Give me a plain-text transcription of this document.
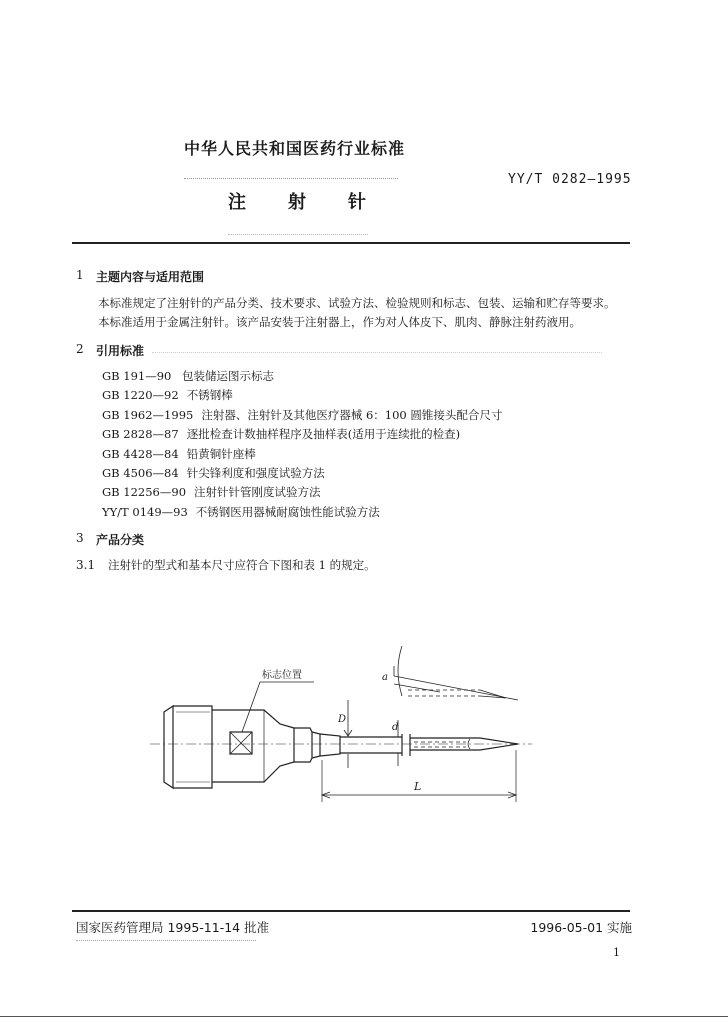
中华人民共和国医药行业标准
YY/T 0282—1995
注射针
1 主题内容与适用范围
本标准规定了注射针的产品分类、技术要求、试验方法、检验规则和标志、包装、运输和贮存等要求。
本标准适用于金属注射针。该产品安装于注射器上，作为对人体皮下、肌肉、静脉注射药液用。
2 引用标准
GB 191—90 包装储运图示标志
GB 1220—92 不锈钢棒
GB 1962—1995 注射器、注射针及其他医疗器械 6：100 圆锥接头配合尺寸
GB 2828—87 逐批检查计数抽样程序及抽样表(适用于连续批的检查)
GB 4428—84 铅黄铜针座棒
GB 4506—84 针尖锋利度和强度试验方法
GB 12256—90 注射针针管刚度试验方法
YY/T 0149—93 不锈钢医用器械耐腐蚀性能试验方法
3 产品分类
3.1 注射针的型式和基本尺寸应符合下图和表 1 的规定。
标志位置	a
D
d
L
国家医药管理局 1995-11-14 批准	1996-05-01 实施
1
